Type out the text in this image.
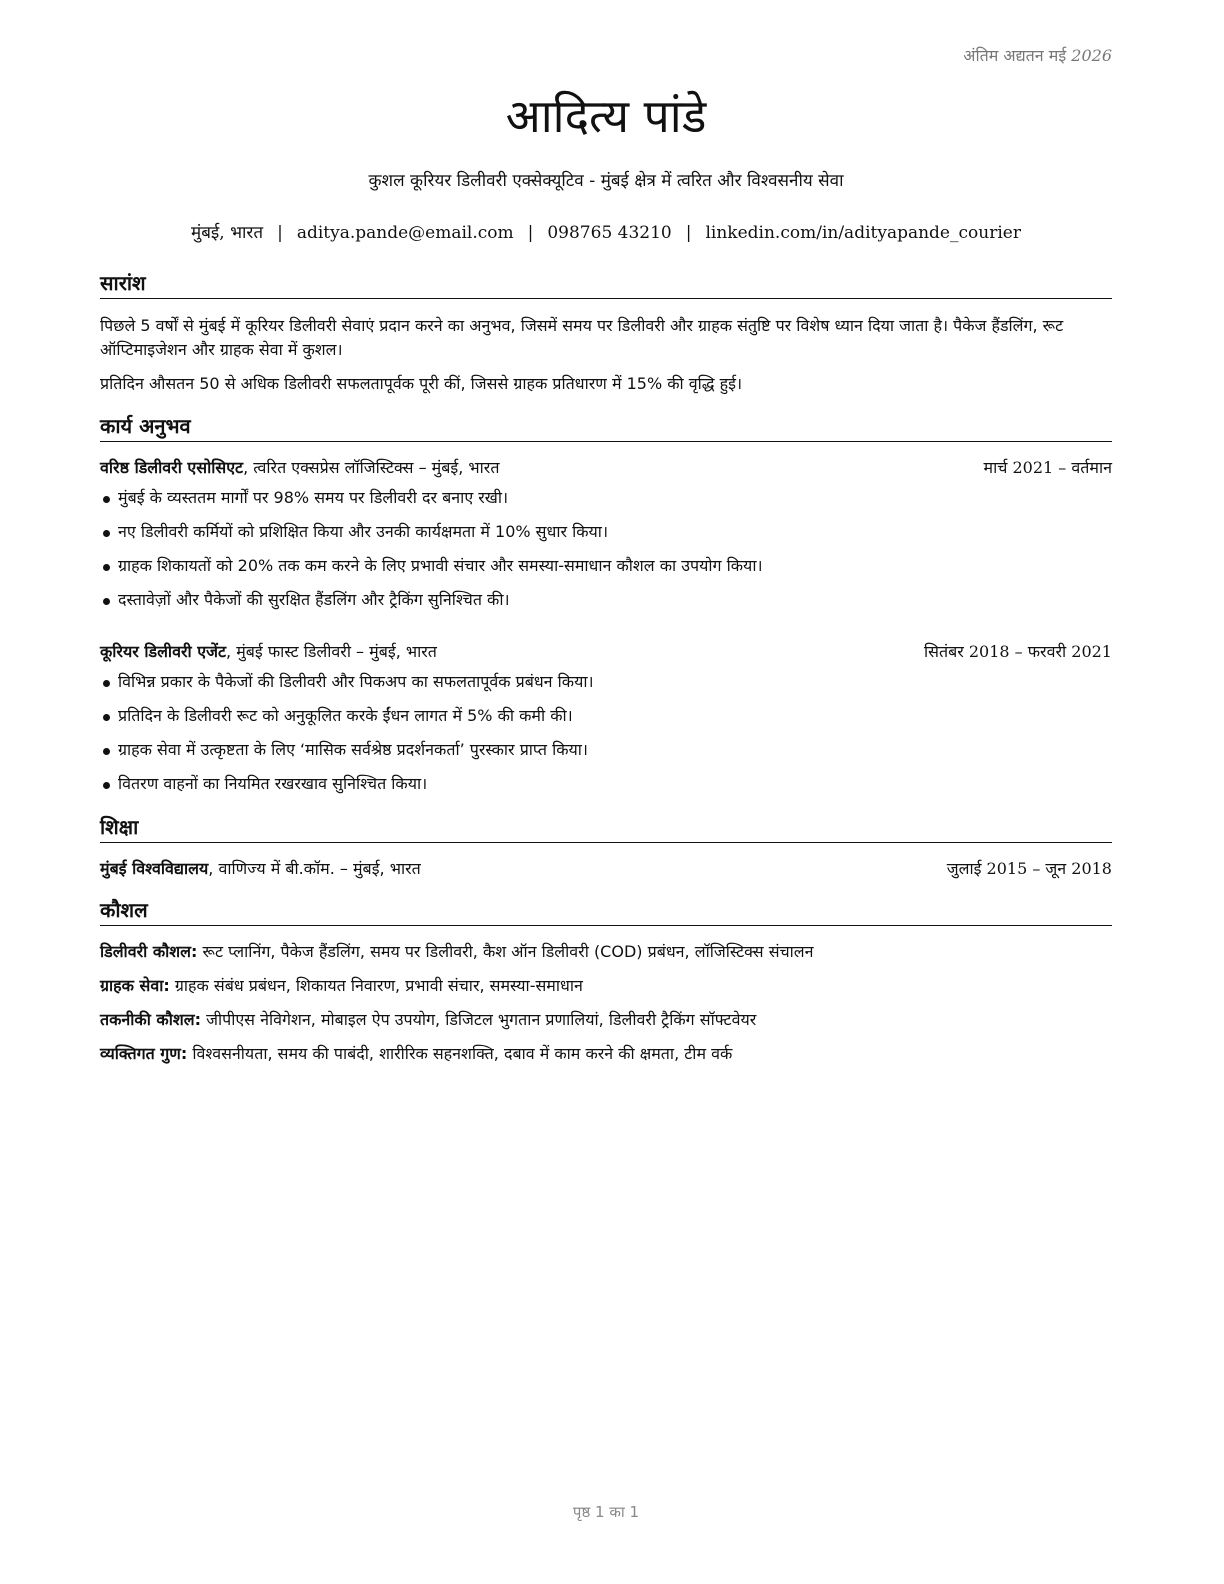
अंतिम अद्यतन मई 2026
आदित्य पांडे
कुशल कूरियर डिलीवरी एक्सेक्यूटिव - मुंबई क्षेत्र में त्वरित और विश्वसनीय सेवा
मुंबई, भारत | aditya.pande@email.com | 098765 43210 | linkedin.com/in/adityapande_courier
सारांश
पिछले 5 वर्षों से मुंबई में कूरियर डिलीवरी सेवाएं प्रदान करने का अनुभव, जिसमें समय पर डिलीवरी और ग्राहक संतुष्टि पर विशेष ध्यान दिया जाता है। पैकेज हैंडलिंग, रूट ऑप्टिमाइजेशन और ग्राहक सेवा में कुशल।
प्रतिदिन औसतन 50 से अधिक डिलीवरी सफलतापूर्वक पूरी कीं, जिससे ग्राहक प्रतिधारण में 15% की वृद्धि हुई।
कार्य अनुभव
वरिष्ठ डिलीवरी एसोसिएट, त्वरित एक्सप्रेस लॉजिस्टिक्स – मुंबई, भारत	मार्च 2021 – वर्तमान
मुंबई के व्यस्ततम मार्गों पर 98% समय पर डिलीवरी दर बनाए रखी।
नए डिलीवरी कर्मियों को प्रशिक्षित किया और उनकी कार्यक्षमता में 10% सुधार किया।
ग्राहक शिकायतों को 20% तक कम करने के लिए प्रभावी संचार और समस्या-समाधान कौशल का उपयोग किया।
दस्तावेज़ों और पैकेजों की सुरक्षित हैंडलिंग और ट्रैकिंग सुनिश्चित की।
कूरियर डिलीवरी एजेंट, मुंबई फास्ट डिलीवरी – मुंबई, भारत	सितंबर 2018 – फरवरी 2021
विभिन्न प्रकार के पैकेजों की डिलीवरी और पिकअप का सफलतापूर्वक प्रबंधन किया।
प्रतिदिन के डिलीवरी रूट को अनुकूलित करके ईंधन लागत में 5% की कमी की।
ग्राहक सेवा में उत्कृष्टता के लिए ‘मासिक सर्वश्रेष्ठ प्रदर्शनकर्ता’ पुरस्कार प्राप्त किया।
वितरण वाहनों का नियमित रखरखाव सुनिश्चित किया।
शिक्षा
मुंबई विश्वविद्यालय, वाणिज्य में बी.कॉम. – मुंबई, भारत	जुलाई 2015 – जून 2018
कौशल
डिलीवरी कौशल: रूट प्लानिंग, पैकेज हैंडलिंग, समय पर डिलीवरी, कैश ऑन डिलीवरी (COD) प्रबंधन, लॉजिस्टिक्स संचालन
ग्राहक सेवा: ग्राहक संबंध प्रबंधन, शिकायत निवारण, प्रभावी संचार, समस्या-समाधान
तकनीकी कौशल: जीपीएस नेविगेशन, मोबाइल ऐप उपयोग, डिजिटल भुगतान प्रणालियां, डिलीवरी ट्रैकिंग सॉफ्टवेयर
व्यक्तिगत गुण: विश्वसनीयता, समय की पाबंदी, शारीरिक सहनशक्ति, दबाव में काम करने की क्षमता, टीम वर्क
पृष्ठ 1 का 1
